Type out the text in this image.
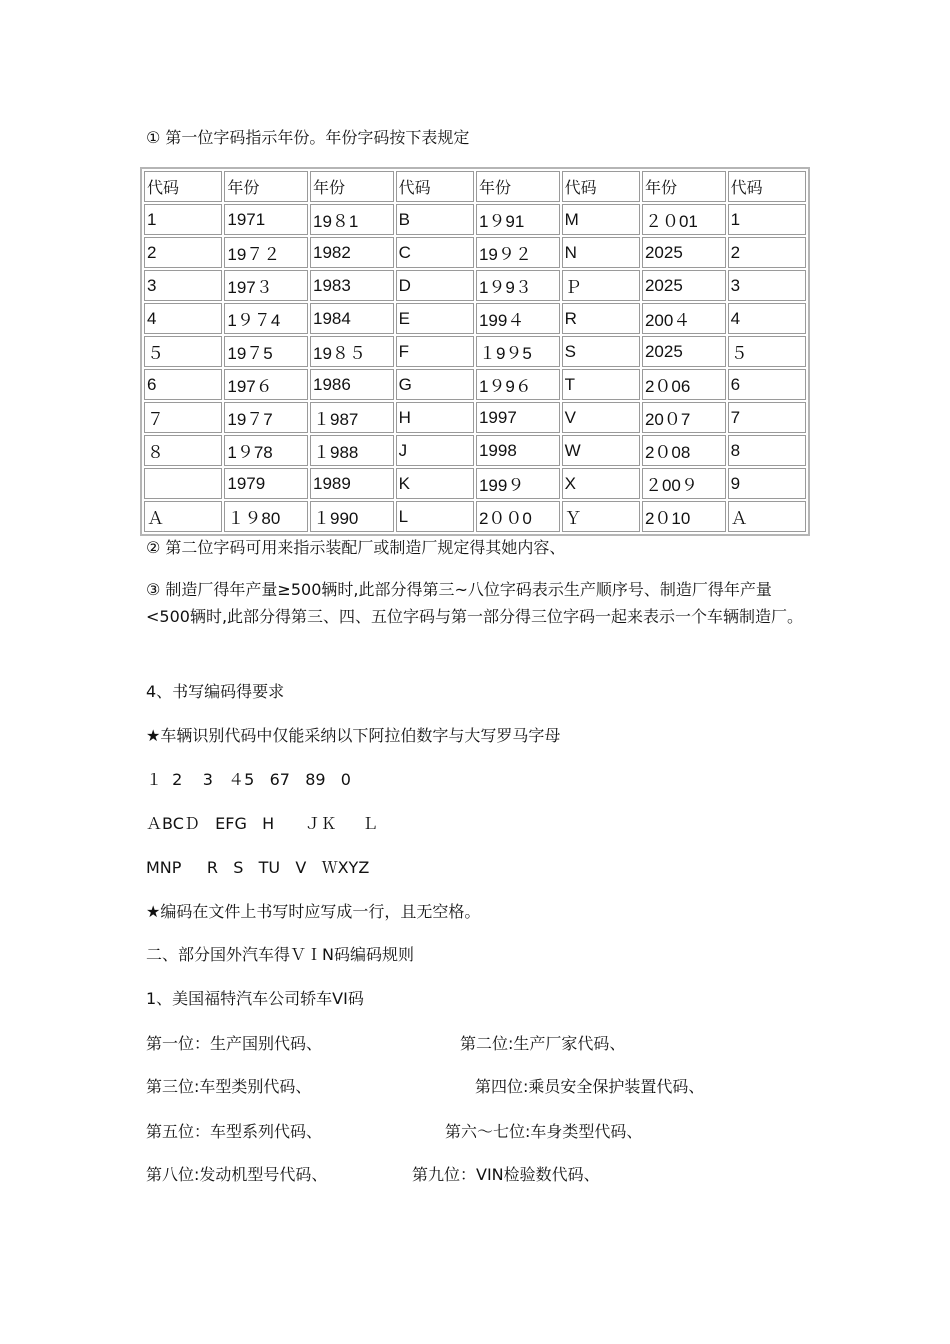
① 第一位字码指示年份。年份字码按下表规定
代码	年份	年份	代码	年份	代码	年份	代码
1	1971	19８1	B	1９91	M	２０01	1
2	19７２	1982	C	19９２	N	2025	2
3	197３	1983	D	1９9３	Ｐ	2025	3
4	1９７4	1984	E	199４	R	200４	4
５	19７5	19８５	F	１9９5	S	2025	５
6	197６	1986	G	1９9６	T	2０06	6
７	19７7	１987	H	1997	V	20０7	7
８	1９78	１988	J	1998	W	2０08	8
	1979	1989	K	199９	X	２00９	9
Ａ	１９80	１990	L	2００0	Ｙ	2０10	Ａ
② 第二位字码可用来指示装配厂或制造厂规定得其她内容、
③ 制造厂得年产量≥500辆时,此部分得第三~八位字码表示生产顺序号、制造厂得年产量<500辆时,此部分得第三、四、五位字码与第一部分得三位字码一起来表示一个车辆制造厂。
4、书写编码得要求
★车辆识别代码中仅能采纳以下阿拉伯数字与大写罗马字母
１  2    3   ４5   67   89   0
ＡBCＤ   EFG   H      ＪＫ     Ｌ
MNP     R   S   TU   V   ＷXYZ
★编码在文件上书写时应写成一行，且无空格。
二、部分国外汽车得ＶＩN码编码规则
1、美国福特汽车公司轿车VI码
第一位：生产国别代码、	第二位:生产厂家代码、
第三位:车型类别代码、	第四位:乘员安全保护装置代码、
第五位：车型系列代码、	第六～七位:车身类型代码、
第八位:发动机型号代码、	第九位：VIN检验数代码、
